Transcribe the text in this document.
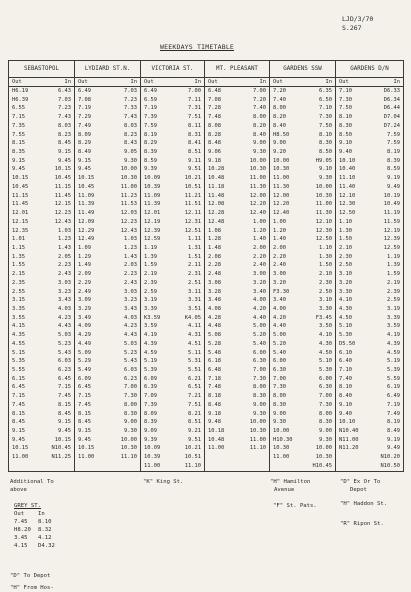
LJD/3/70
S.267
WEEKDAYS TIMETABLE
SEBASTOPOL	LYDIARD ST.N.	VICTORIA ST.	MT. PLEASANT	GARDENS SSW	GARDENS D/N

Out In	Out In	Out In	Out In	Out In	Out In

H6.19 6.43	6.49 7.03	6.49 7.00	6.48 7.00	7.20 6.35	7.10 D6.33

H6.39 7.03	7.08 7.23	6.59 7.11	7.08 7.20	7.40 6.50	7.30 D6.34

6.55 7.23	7.19 7.33	7.19 7.31	7.28 7.40	8.00 7.10	7.50 D6.44

7.15 7.43	7.29 7.43	7.39 7.51	7.48 8.00	8.20 7.30	8.10 D7.04

7.35 8.03	7.49 8.03	7.59 8.11	8.08 8.20	8.40 7.50	8.30 D7.24

7.55 8.23	8.09 8.23	8.19 8.31	8.28 8.40	H8.50 8.10	8.50 7.59

8.15 8.45	8.29 8.43	8.29 8.41	8.48 9.00	9.00 8.30	9.10 7.59

8.35 9.15	8.49 9.05	8.39 8.51	9.06 9.30	9.20 8.50	9.40 8.19

9.15 9.45	9.15 9.30	8.59 9.11	9.18 10.00	10.00 H9.05	10.10 8.39

9.45 10.15	9.45 10.00	9.39 9.51	10.28 10.30	10.30 9.10	10.40 8.59

10.15 10.45	10.15 10.30	10.09 10.21	10.48 11.00	11.00 9.30	11.10 9.19

10.45 11.15	10.45 11.00	10.39 10.51	11.18 11.30	11.30 10.00	11.40 9.49

11.15 11.45	11.09 11.23	11.09 11.21	11.48 12.00	12.00 10.30	12.10 10.19

11.45 12.15	11.39 11.53	11.39 11.51	12.08 12.20	12.20 11.00	12.30 10.49

12.01 12.23	11.49 12.03	12.01 12.11	12.28 12.40	12.40 11.30	12.50 11.19

12.15 12.43	12.09 12.23	12.19 12.31	12.48 1.00	1.00 12.10	1.10 11.59

12.35 1.03	12.29 12.43	12.39 12.51	1.08 1.20	1.20 12.30	1.30 12.19

1.01 1.23	12.49 1.03	12.59 1.11	1.28 1.40	1.40 12.50	1.50 12.39

1.15 1.43	1.09 1.23	1.19 1.31	1.48 2.00	2.00 1.10	2.10 12.59

1.35 2.05	1.29 1.43	1.39 1.51	2.08 2.20	2.20 1.30	2.30 1.19

1.55 2.23	1.49 2.03	1.59 2.11	2.28 2.40	2.40 1.50	2.50 1.39

2.15 2.43	2.09 2.23	2.19 2.31	2.48 3.00	3.00 2.10	3.10 1.59

2.35 3.03	2.29 2.43	2.39 2.51	3.08 3.20	3.20 2.30	3.20 2.19

2.55 3.23	2.49 3.03	2.59 3.11	3.28 3.40	F3.30 2.50	3.30 2.39

3.15 3.43	3.09 3.23	3.19 3.31	3.48 4.00	3.40 3.10	4.10 2.59

3.35 4.03	3.29 3.43	3.39 3.51	4.08 4.20	4.00 3.30	4.30 3.19

3.55 4.23	3.49 4.03	K3.59 K4.05	4.28 4.40	4.20 F3.45	4.50 3.39

4.15 4.43	4.09 4.23	3.59 4.11	4.48 5.00	4.40 3.50	5.10 3.59

4.35 5.03	4.29 4.43	4.19 4.31	5.08 5.20	5.00 4.10	5.30 4.19

4.55 5.23	4.49 5.03	4.39 4.51	5.28 5.40	5.20 4.30	D5.50 4.39

5.15 5.43	5.09 5.23	4.59 5.11	5.48 6.00	5.40 4.50	6.10 4.59

5.35 6.03	5.29 5.43	5.19 5.31	6.18 6.30	6.00 5.10	6.40 5.19

5.55 6.23	5.49 6.03	5.39 5.51	6.48 7.00	6.30 5.30	7.10 5.39

6.15 6.45	6.09 6.23	6.09 6.21	7.18 7.30	7.00 6.00	7.40 5.59

6.45 7.15	6.45 7.00	6.39 6.51	7.48 8.00	7.30 6.30	8.10 6.19

7.15 7.45	7.15 7.30	7.09 7.21	8.18 8.30	8.00 7.00	8.40 6.49

7.45 8.15	7.45 8.00	7.39 7.51	8.48 9.00	8.30 7.30	9.10 7.19

8.15 8.45	8.15 8.30	8.09 8.21	9.18 9.30	9.00 8.00	9.40 7.49

8.45 9.15	8.45 9.00	8.39 8.51	9.48 10.00	9.30 8.30	10.10 8.19

9.15 9.45	9.15 9.30	9.09 9.21	10.18 10.30	10.00 9.00	N10.40 8.49

9.45 10.15	9.45 10.00	9.39 9.51	10.48 11.00	H10.30 9.30	N11.00 9.19

10.15 N10.45	10.15 10.30	10.09 10.21	11.00 11.10	10.30 10.00	N11.20 9.49

11.00 N11.25	11.00 11.10	10.39 10.51		11.00 10.30	N10.20

		11.00 11.10		H10.45	N10.50
Additional To
above
GREY ST.
Out	In
7.45	8.10
H8.20	8.32
3.45	4.12
4.15	D4.32
"D" To Depot
"H" From Hos-
"K" King St.	"H" Hamilton
Avenue
"F" St. Pats.
"D" Ex Or To
Depot
"H" Haddon St.
"R" Ripon St.
